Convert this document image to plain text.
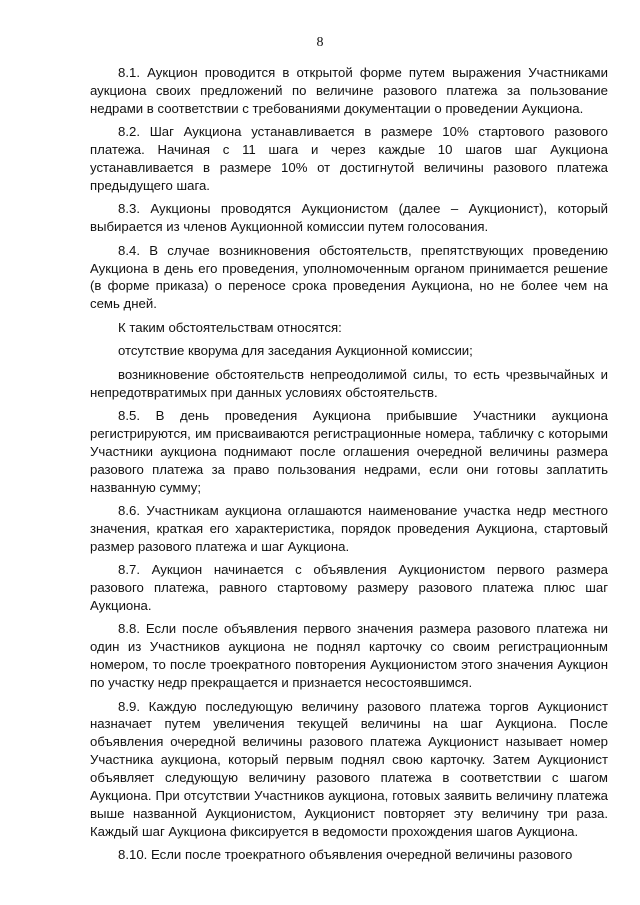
8

8.1. Аукцион проводится в открытой форме путем выражения Участниками аукциона своих предложений по величине разового платежа за пользование недрами в соответствии с требованиями документации о проведении Аукциона.

8.2. Шаг Аукциона устанавливается в размере 10% стартового разового платежа. Начиная с 11 шага и через каждые 10 шагов шаг Аукциона устанавливается в размере 10% от достигнутой величины разового платежа предыдущего шага.

8.3. Аукционы проводятся Аукционистом (далее – Аукционист), который выбирается из членов Аукционной комиссии путем голосования.

8.4. В случае возникновения обстоятельств, препятствующих проведению Аукциона в день его проведения, уполномоченным органом принимается решение (в форме приказа) о переносе срока проведения Аукциона, но не более чем на семь дней.

К таким обстоятельствам относятся:

отсутствие кворума для заседания Аукционной комиссии;

возникновение обстоятельств непреодолимой силы, то есть чрезвычайных и непредотвратимых при данных условиях обстоятельств.

8.5. В день проведения Аукциона прибывшие Участники аукциона регистрируются, им присваиваются регистрационные номера, табличку с которыми Участники аукциона поднимают после оглашения очередной величины размера разового платежа за право пользования недрами, если они готовы заплатить названную сумму;

8.6. Участникам аукциона оглашаются наименование участка недр местного значения, краткая его характеристика, порядок проведения Аукциона, стартовый размер разового платежа и шаг Аукциона.

8.7. Аукцион начинается с объявления Аукционистом первого размера разового платежа, равного стартовому размеру разового платежа плюс шаг Аукциона.

8.8. Если после объявления первого значения размера разового платежа ни один из Участников аукциона не поднял карточку со своим регистрационным номером, то после троекратного повторения Аукционистом этого значения Аукцион по участку недр прекращается и признается несостоявшимся.

8.9. Каждую последующую величину разового платежа торгов Аукционист назначает путем увеличения текущей величины на шаг Аукциона. После объявления очередной величины разового платежа Аукционист называет номер Участника аукциона, который первым поднял свою карточку. Затем Аукционист объявляет следующую величину разового платежа в соответствии с шагом Аукциона. При отсутствии Участников аукциона, готовых заявить величину платежа выше названной Аукционистом, Аукционист повторяет эту величину три раза. Каждый шаг Аукциона фиксируется в ведомости прохождения шагов Аукциона.

8.10. Если после троекратного объявления очередной величины разового
